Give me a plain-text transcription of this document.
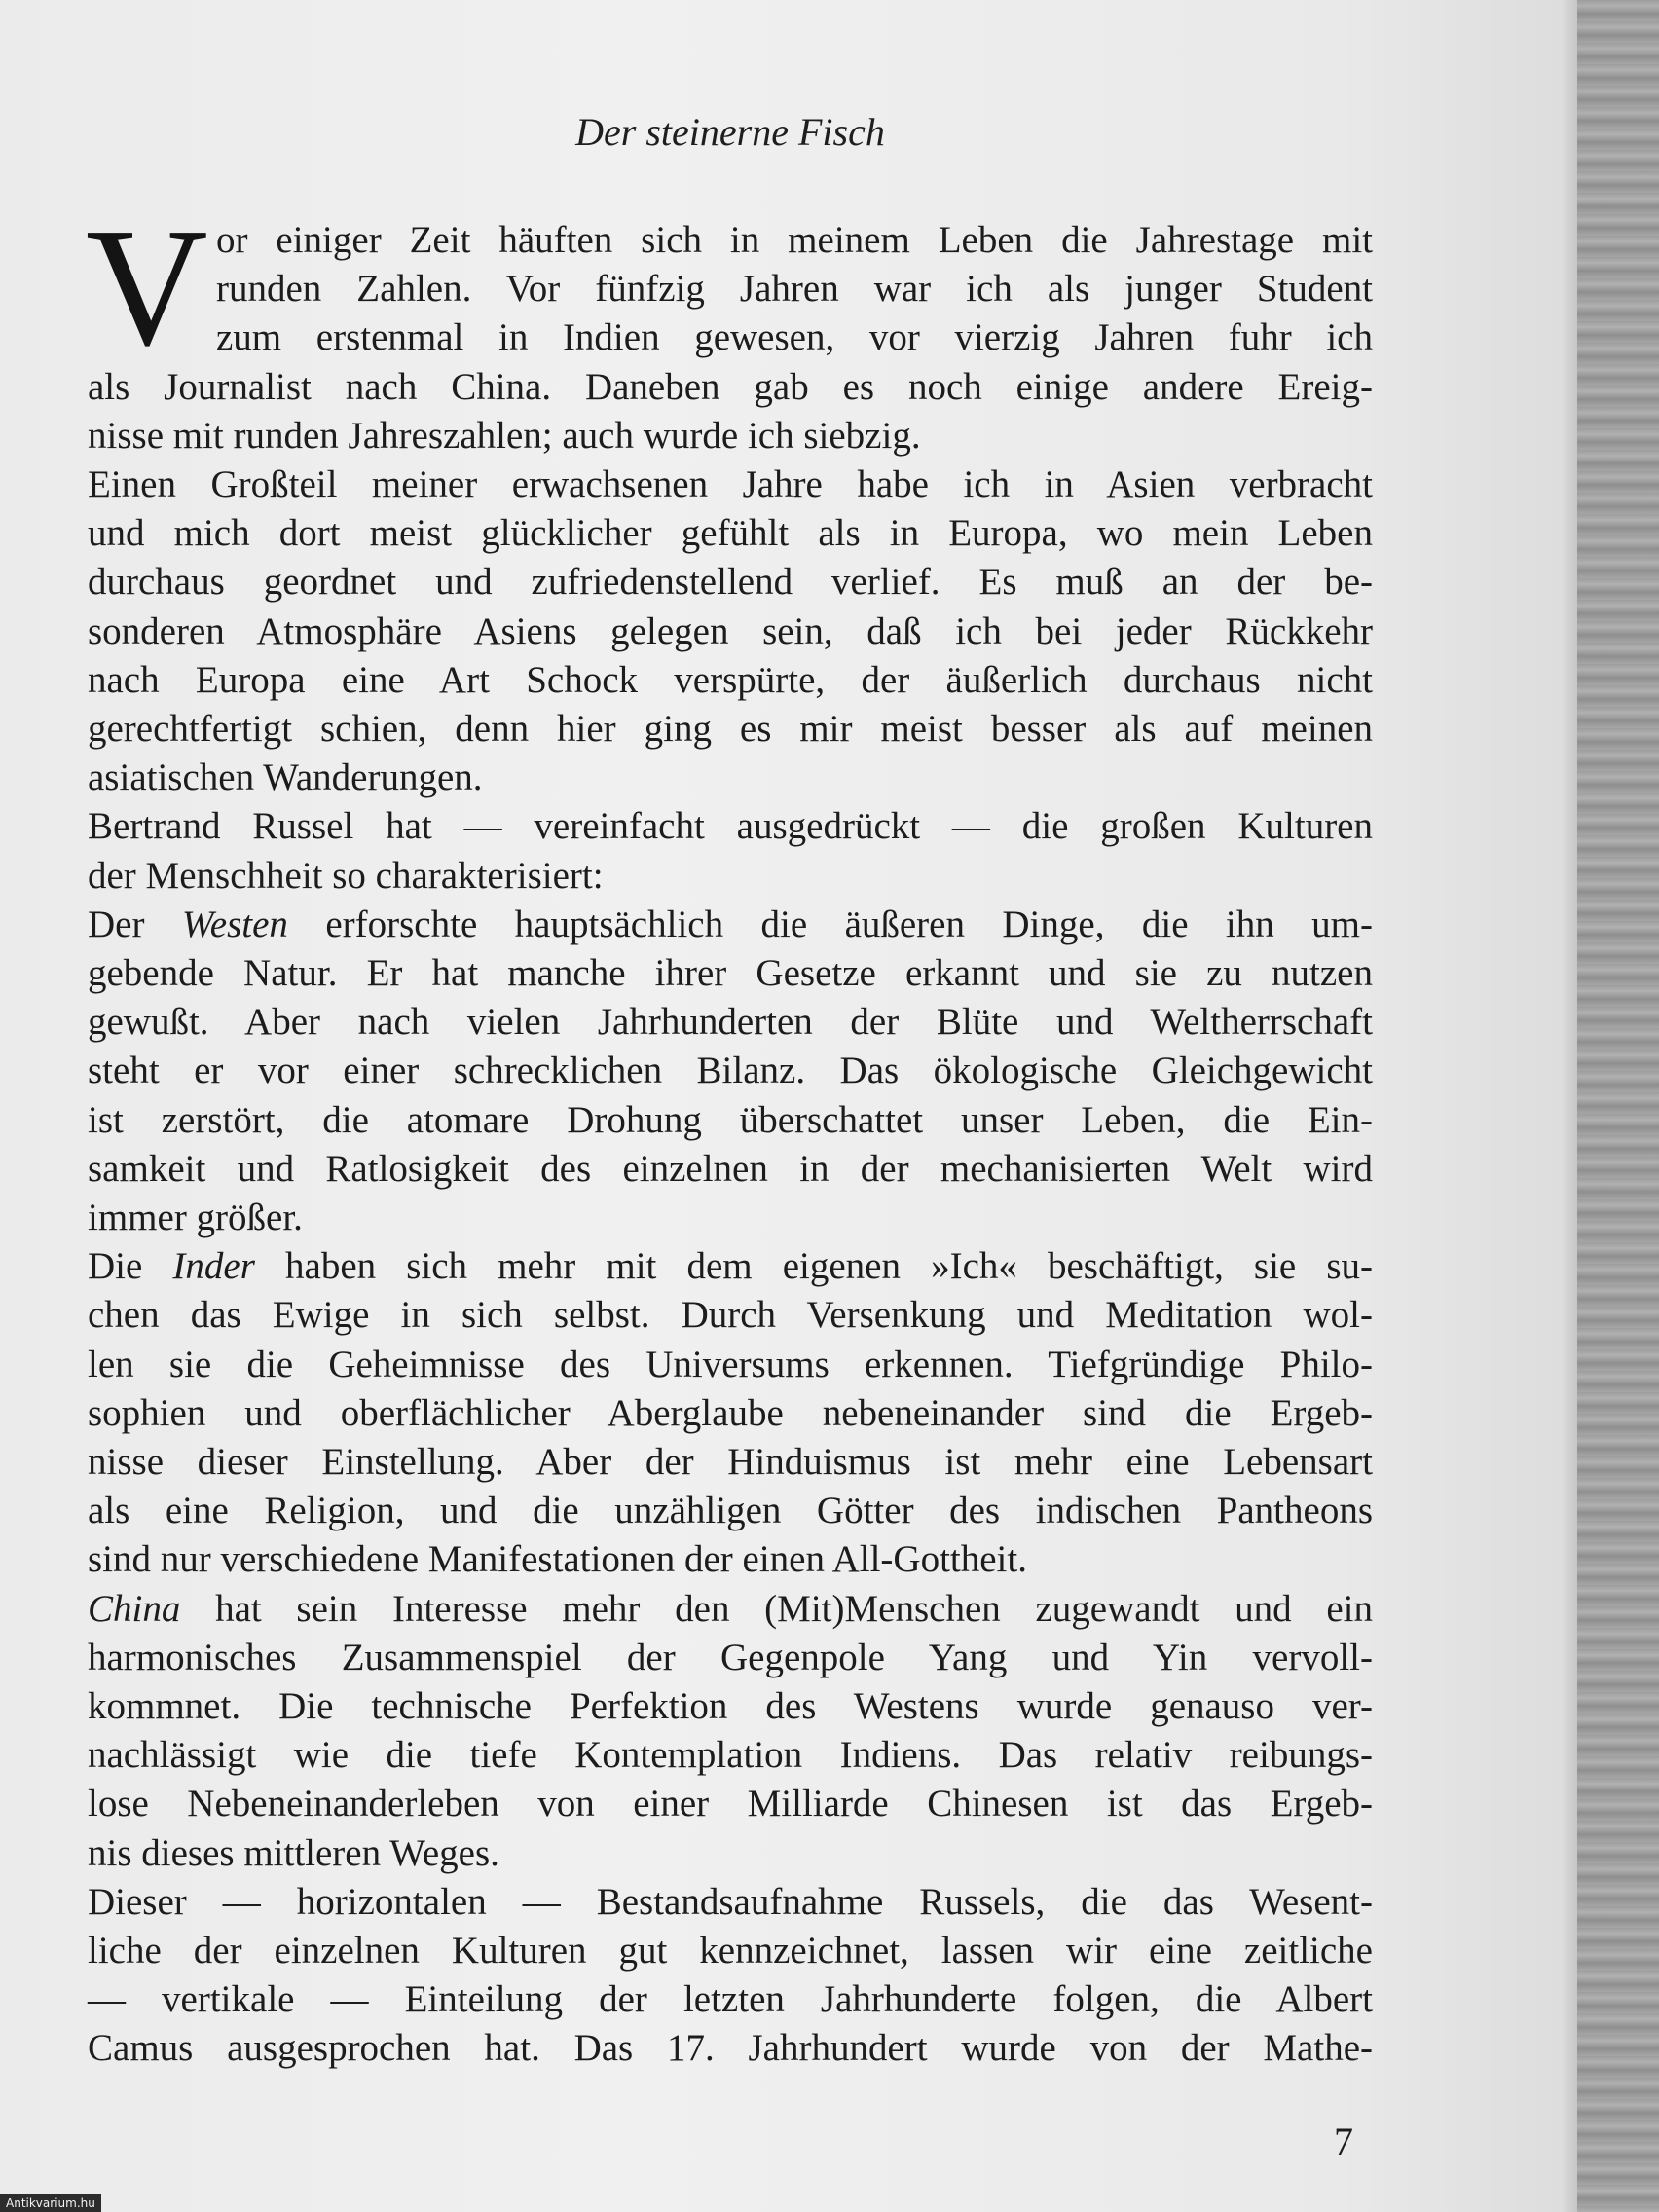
Der steinerne Fisch
V or einiger Zeit häuften sich in meinem Leben die Jahrestage mit
runden Zahlen. Vor fünfzig Jahren war ich als junger Student
zum erstenmal in Indien gewesen, vor vierzig Jahren fuhr ich
als Journalist nach China. Daneben gab es noch einige andere Ereig-
nisse mit runden Jahreszahlen; auch wurde ich siebzig.
Einen Großteil meiner erwachsenen Jahre habe ich in Asien verbracht
und mich dort meist glücklicher gefühlt als in Europa, wo mein Leben
durchaus geordnet und zufriedenstellend verlief. Es muß an der be-
sonderen Atmosphäre Asiens gelegen sein, daß ich bei jeder Rückkehr
nach Europa eine Art Schock verspürte, der äußerlich durchaus nicht
gerechtfertigt schien, denn hier ging es mir meist besser als auf meinen
asiatischen Wanderungen.
Bertrand Russel hat — vereinfacht ausgedrückt — die großen Kulturen
der Menschheit so charakterisiert:
Der Westen erforschte hauptsächlich die äußeren Dinge, die ihn um-
gebende Natur. Er hat manche ihrer Gesetze erkannt und sie zu nutzen
gewußt. Aber nach vielen Jahrhunderten der Blüte und Weltherrschaft
steht er vor einer schrecklichen Bilanz. Das ökologische Gleichgewicht
ist zerstört, die atomare Drohung überschattet unser Leben, die Ein-
samkeit und Ratlosigkeit des einzelnen in der mechanisierten Welt wird
immer größer.
Die Inder haben sich mehr mit dem eigenen »Ich« beschäftigt, sie su-
chen das Ewige in sich selbst. Durch Versenkung und Meditation wol-
len sie die Geheimnisse des Universums erkennen. Tiefgründige Philo-
sophien und oberflächlicher Aberglaube nebeneinander sind die Ergeb-
nisse dieser Einstellung. Aber der Hinduismus ist mehr eine Lebensart
als eine Religion, und die unzähligen Götter des indischen Pantheons
sind nur verschiedene Manifestationen der einen All-Gottheit.
China hat sein Interesse mehr den (Mit)Menschen zugewandt und ein
harmonisches Zusammenspiel der Gegenpole Yang und Yin vervoll-
kommnet. Die technische Perfektion des Westens wurde genauso ver-
nachlässigt wie die tiefe Kontemplation Indiens. Das relativ reibungs-
lose Nebeneinanderleben von einer Milliarde Chinesen ist das Ergeb-
nis dieses mittleren Weges.
Dieser — horizontalen — Bestandsaufnahme Russels, die das Wesent-
liche der einzelnen Kulturen gut kennzeichnet, lassen wir eine zeitliche
— vertikale — Einteilung der letzten Jahrhunderte folgen, die Albert
Camus ausgesprochen hat. Das 17. Jahrhundert wurde von der Mathe-
7
Antikvarium.hu
